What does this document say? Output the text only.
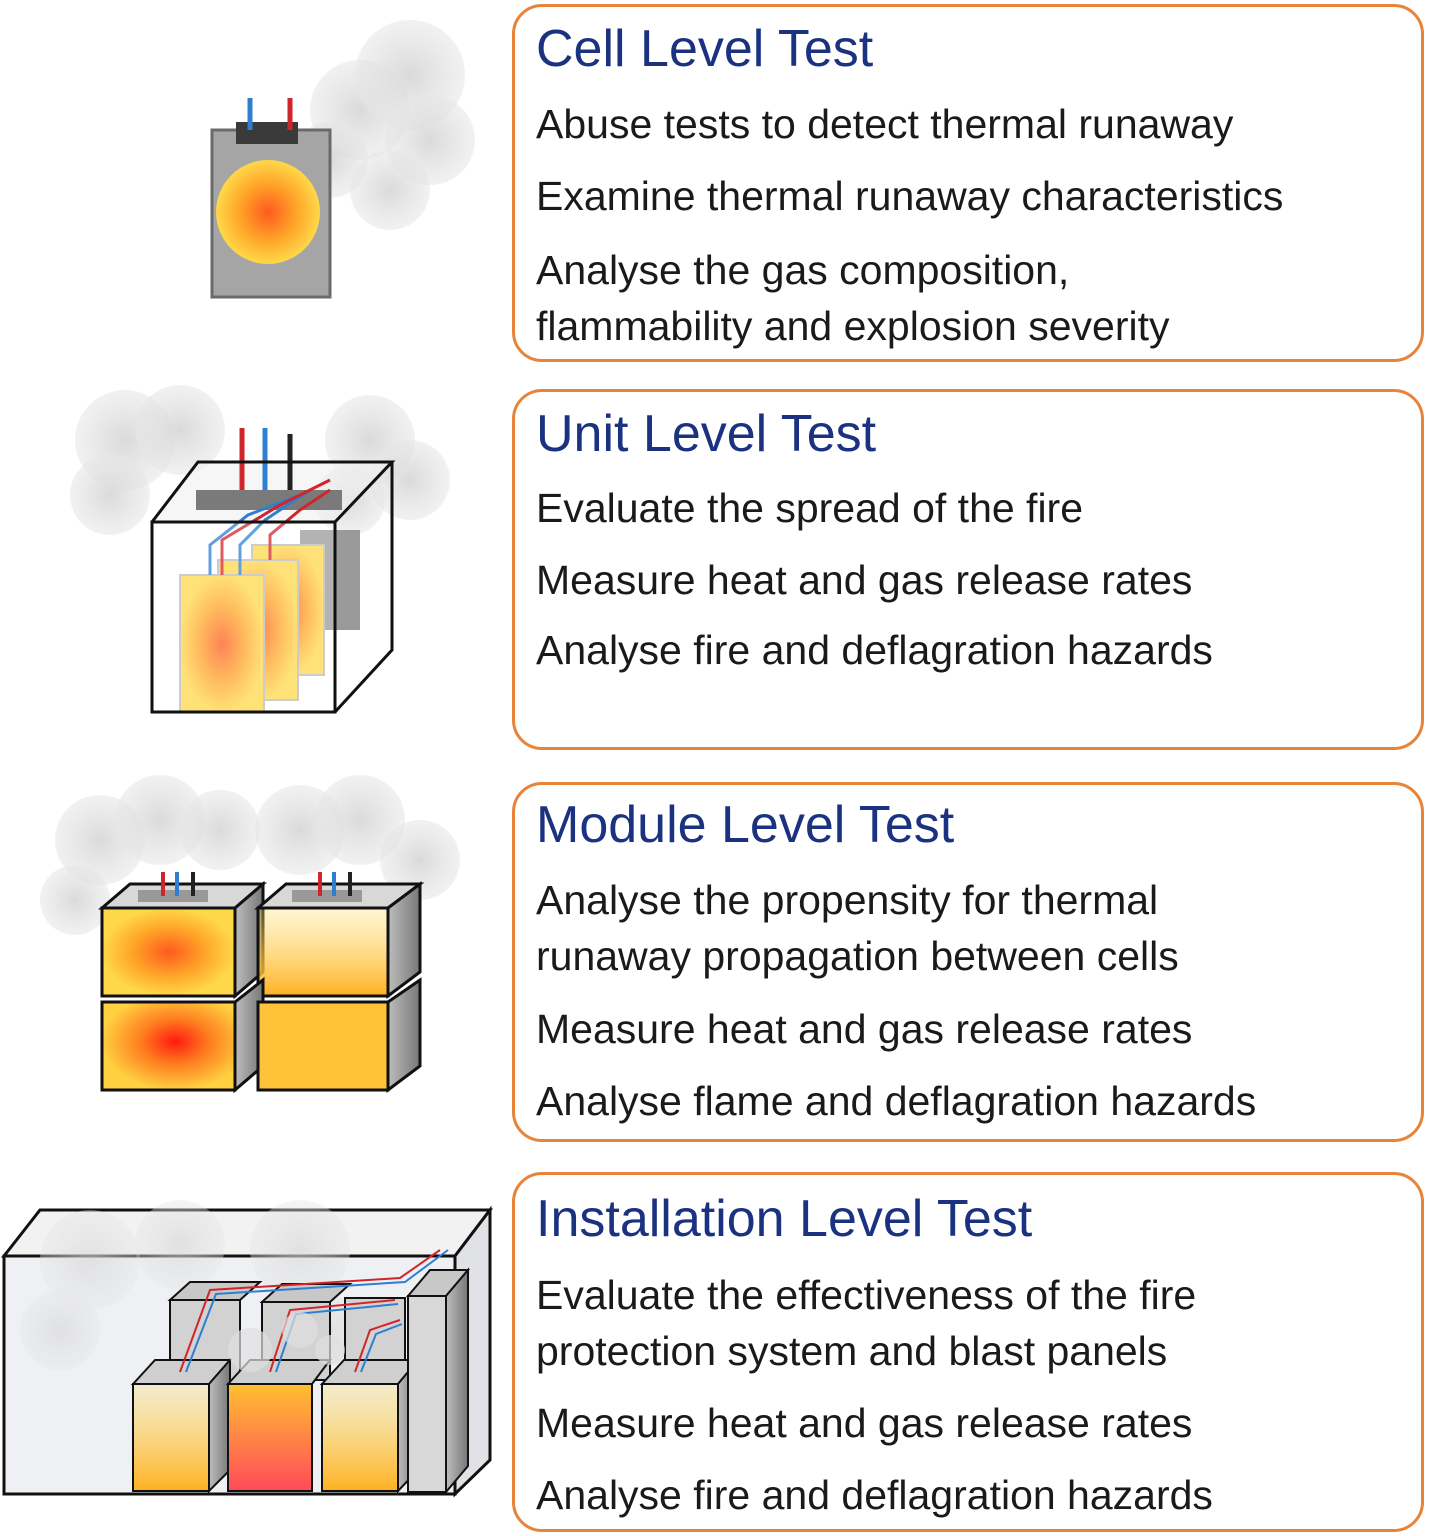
Cell Level Test
Abuse tests to detect thermal runaway
Examine thermal runaway characteristics
Analyse the gas composition,
flammability and explosion severity
Unit Level Test
Evaluate the spread of the fire
Measure heat and gas release rates
Analyse fire and deflagration hazards
Module Level Test
Analyse the propensity for thermal
runaway propagation between cells
Measure heat and gas release rates
Analyse flame and deflagration hazards
Installation Level Test
Evaluate the effectiveness of the fire
protection system and blast panels
Measure heat and gas release rates
Analyse fire and deflagration hazards
